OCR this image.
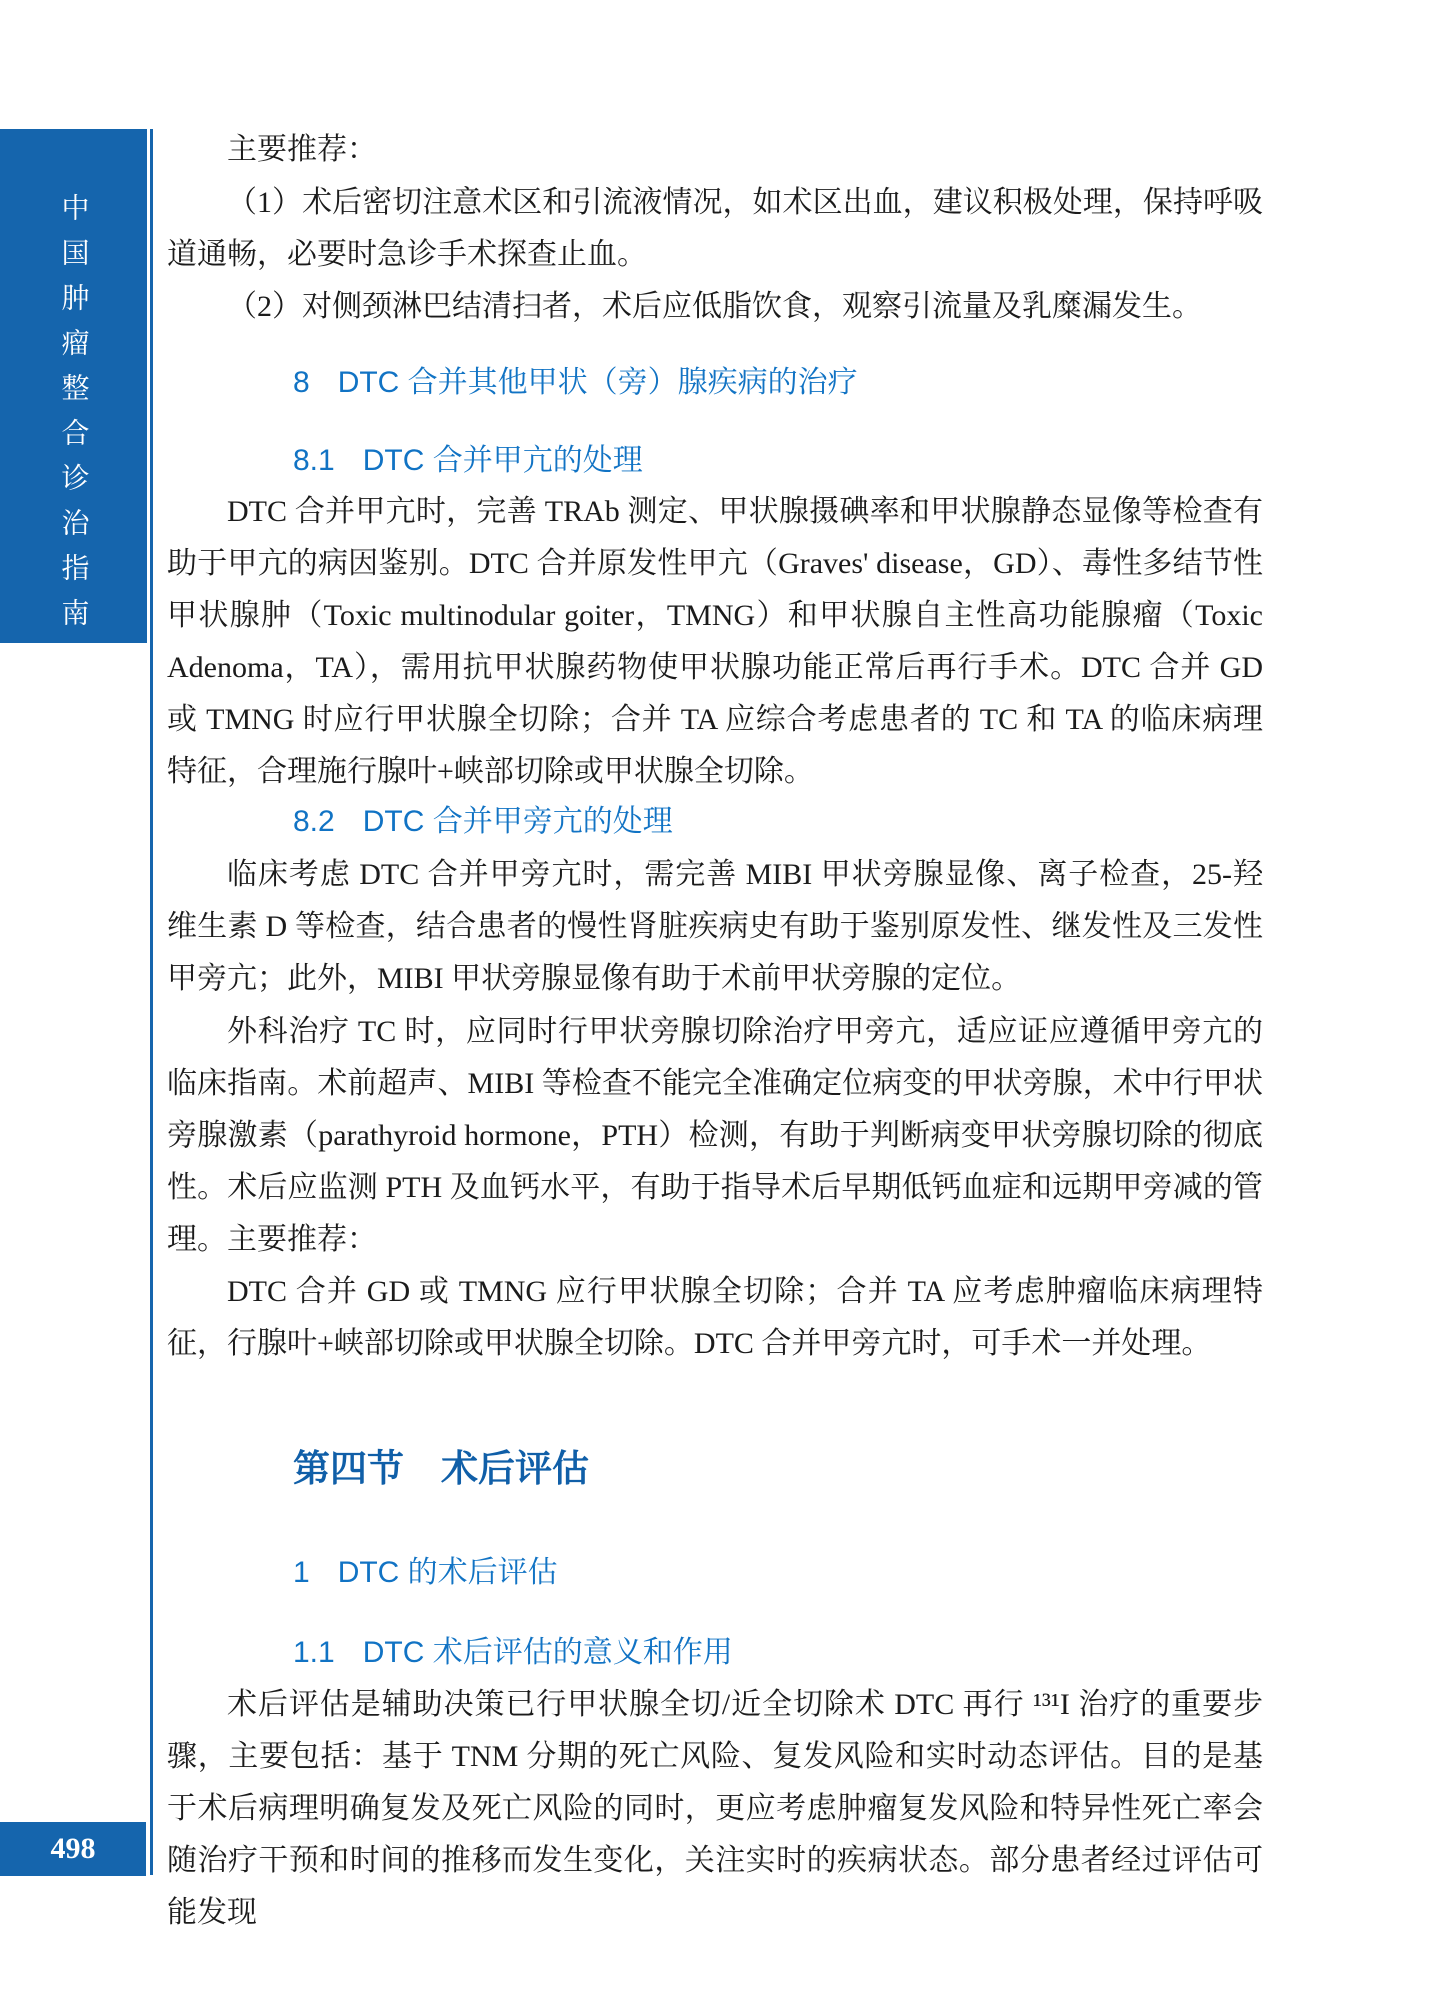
中国肿瘤整合诊治指南
498

主要推荐：

（1）术后密切注意术区和引流液情况，如术区出血，建议积极处理，保持呼吸道通畅，必要时急诊手术探查止血。

（2）对侧颈淋巴结清扫者，术后应低脂饮食，观察引流量及乳糜漏发生。

8 DTC 合并其他甲状（旁）腺疾病的治疗
8.1 DTC 合并甲亢的处理

DTC 合并甲亢时，完善 TRAb 测定、甲状腺摄碘率和甲状腺静态显像等检查有助于甲亢的病因鉴别。DTC 合并原发性甲亢（Graves' disease，GD）、毒性多结节性甲状腺肿（Toxic multinodular goiter，TMNG）和甲状腺自主性高功能腺瘤（Toxic Adenoma，TA），需用抗甲状腺药物使甲状腺功能正常后再行手术。DTC 合并 GD 或 TMNG 时应行甲状腺全切除；合并 TA 应综合考虑患者的 TC 和 TA 的临床病理特征，合理施行腺叶+峡部切除或甲状腺全切除。

8.2 DTC 合并甲旁亢的处理

临床考虑 DTC 合并甲旁亢时，需完善 MIBI 甲状旁腺显像、离子检查，25-羟维生素 D 等检查，结合患者的慢性肾脏疾病史有助于鉴别原发性、继发性及三发性甲旁亢；此外，MIBI 甲状旁腺显像有助于术前甲状旁腺的定位。

外科治疗 TC 时，应同时行甲状旁腺切除治疗甲旁亢，适应证应遵循甲旁亢的临床指南。术前超声、MIBI 等检查不能完全准确定位病变的甲状旁腺，术中行甲状旁腺激素（parathyroid hormone，PTH）检测，有助于判断病变甲状旁腺切除的彻底性。术后应监测 PTH 及血钙水平，有助于指导术后早期低钙血症和远期甲旁减的管理。 主要推荐：

DTC 合并 GD 或 TMNG 应行甲状腺全切除；合并 TA 应考虑肿瘤临床病理特征，行腺叶+峡部切除或甲状腺全切除。DTC 合并甲旁亢时，可手术一并处理。

第四节　术后评估
1 DTC 的术后评估
1.1 DTC 术后评估的意义和作用

术后评估是辅助决策已行甲状腺全切/近全切除术 DTC 再行 ¹³¹I 治疗的重要步骤，主要包括：基于 TNM 分期的死亡风险、复发风险和实时动态评估。目的是基于术后病理明确复发及死亡风险的同时，更应考虑肿瘤复发风险和特异性死亡率会随治疗干预和时间的推移而发生变化，关注实时的疾病状态。部分患者经过评估可能发现
